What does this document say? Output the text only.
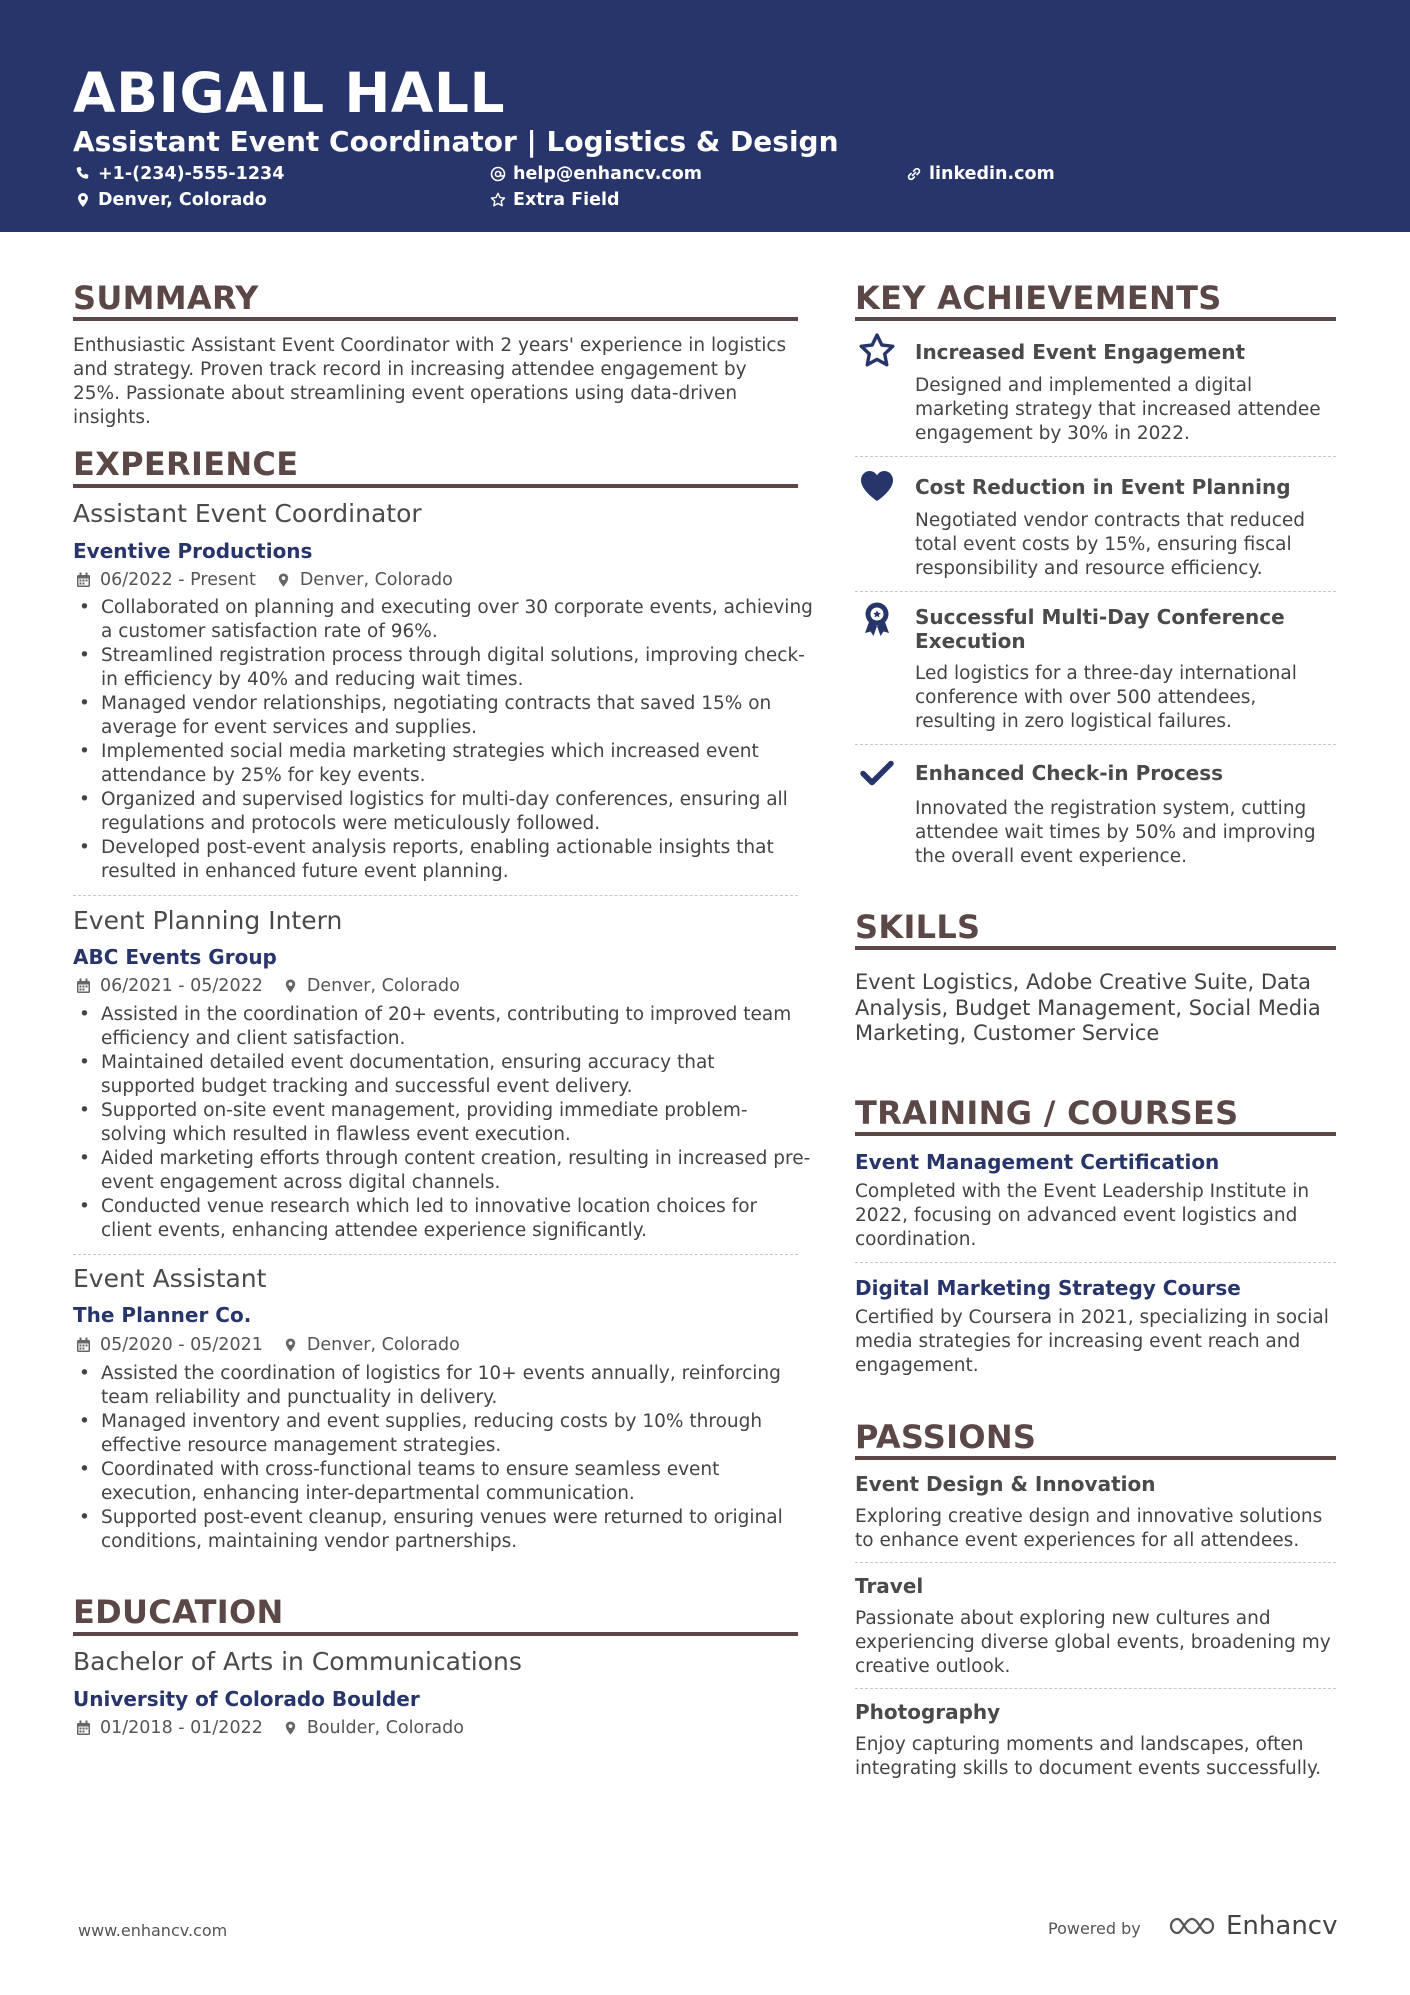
ABIGAIL HALL
Assistant Event Coordinator | Logistics & Design
+1-(234)-555-1234	help@enhancv.com	linkedin.com
Denver, Colorado	Extra Field
SUMMARY
Enthusiastic Assistant Event Coordinator with 2 years' experience in logistics and strategy. Proven track record in increasing attendee engagement by 25%. Passionate about streamlining event operations using data-driven insights.
EXPERIENCE
Assistant Event Coordinator
Eventive Productions
06/2022 - Present	Denver, Colorado
• Collaborated on planning and executing over 30 corporate events, achieving a customer satisfaction rate of 96%.
• Streamlined registration process through digital solutions, improving check-in efficiency by 40% and reducing wait times.
• Managed vendor relationships, negotiating contracts that saved 15% on average for event services and supplies.
• Implemented social media marketing strategies which increased event attendance by 25% for key events.
• Organized and supervised logistics for multi-day conferences, ensuring all regulations and protocols were meticulously followed.
• Developed post-event analysis reports, enabling actionable insights that resulted in enhanced future event planning.
Event Planning Intern
ABC Events Group
06/2021 - 05/2022	Denver, Colorado
• Assisted in the coordination of 20+ events, contributing to improved team efficiency and client satisfaction.
• Maintained detailed event documentation, ensuring accuracy that supported budget tracking and successful event delivery.
• Supported on-site event management, providing immediate problem-solving which resulted in flawless event execution.
• Aided marketing efforts through content creation, resulting in increased pre-event engagement across digital channels.
• Conducted venue research which led to innovative location choices for client events, enhancing attendee experience significantly.
Event Assistant
The Planner Co.
05/2020 - 05/2021	Denver, Colorado
• Assisted the coordination of logistics for 10+ events annually, reinforcing team reliability and punctuality in delivery.
• Managed inventory and event supplies, reducing costs by 10% through effective resource management strategies.
• Coordinated with cross-functional teams to ensure seamless event execution, enhancing inter-departmental communication.
• Supported post-event cleanup, ensuring venues were returned to original conditions, maintaining vendor partnerships.
EDUCATION
Bachelor of Arts in Communications
University of Colorado Boulder
01/2018 - 01/2022	Boulder, Colorado
KEY ACHIEVEMENTS
Increased Event Engagement
Designed and implemented a digital marketing strategy that increased attendee engagement by 30% in 2022.
Cost Reduction in Event Planning
Negotiated vendor contracts that reduced total event costs by 15%, ensuring fiscal responsibility and resource efficiency.
Successful Multi-Day Conference Execution
Led logistics for a three-day international conference with over 500 attendees, resulting in zero logistical failures.
Enhanced Check-in Process
Innovated the registration system, cutting attendee wait times by 50% and improving the overall event experience.
SKILLS
Event Logistics, Adobe Creative Suite, Data Analysis, Budget Management, Social Media Marketing, Customer Service
TRAINING / COURSES
Event Management Certification
Completed with the Event Leadership Institute in 2022, focusing on advanced event logistics and coordination.
Digital Marketing Strategy Course
Certified by Coursera in 2021, specializing in social media strategies for increasing event reach and engagement.
PASSIONS
Event Design & Innovation
Exploring creative design and innovative solutions to enhance event experiences for all attendees.
Travel
Passionate about exploring new cultures and experiencing diverse global events, broadening my creative outlook.
Photography
Enjoy capturing moments and landscapes, often integrating skills to document events successfully.
www.enhancv.com	Powered by	Enhancv
